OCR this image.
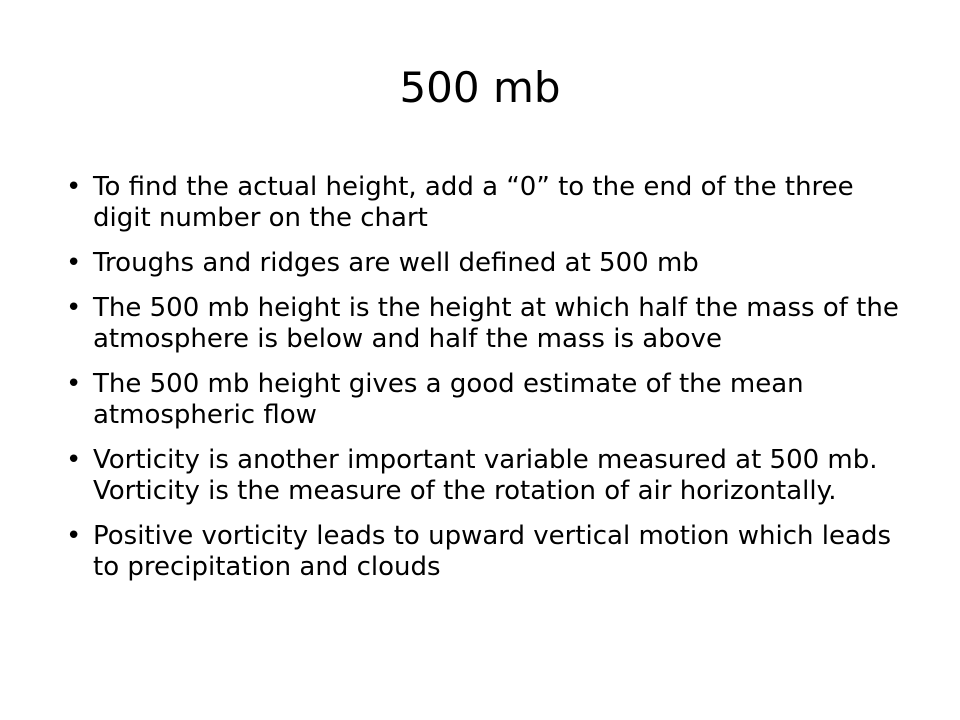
500 mb
• To find the actual height, add a “0” to the end of the three digit number on the chart
• Troughs and ridges are well defined at 500 mb
• The 500 mb height is the height at which half the mass of the atmosphere is below and half the mass is above
• The 500 mb height gives a good estimate of the mean atmospheric flow
• Vorticity is another important variable measured at 500 mb. Vorticity is the measure of the rotation of air horizontally.
• Positive vorticity leads to upward vertical motion which leads to precipitation and clouds
